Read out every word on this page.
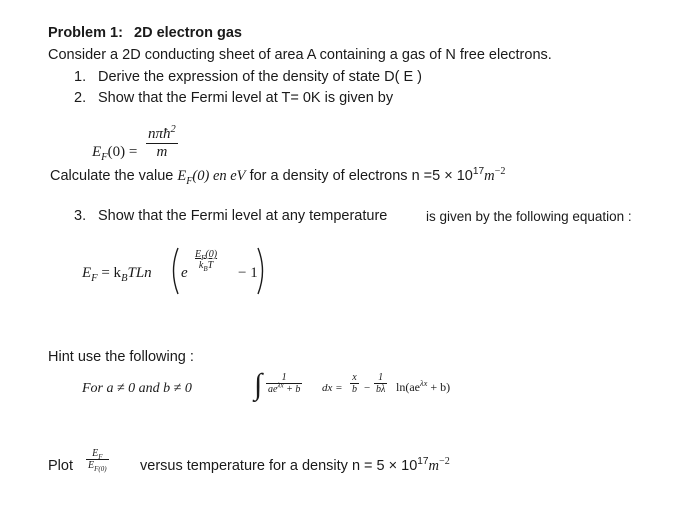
Problem 1: 2D electron gas
Consider a 2D conducting sheet of area A containing a gas of N free electrons.
1. Derive the expression of the density of state D( E )
2. Show that the Fermi level at T= 0K is given by
$E_F(0)$ =
nπħ$^2$
m
Calculate the value $E_F(0)$ en eV for a density of electrons $n =5 \times 10^{17}m^{-2}$
3. Show that the Fermi level at any temperature	is given by the following equation :
$E_F = k_BTLn$ e
$E_F(0)$
$k_BT - 1$
Hint use the following :
For a ≠ 0 and b ≠ 0 ∫ 1
$ae^{\lambda x} + b$ dx =
x
b −
1
bλ $\ln(ae^{\lambda x} + b)$
Plot
$E_F$
$E_{F(0)}$ versus temperature for a density $n = 5 \times 10^{17}m^{-2}$
